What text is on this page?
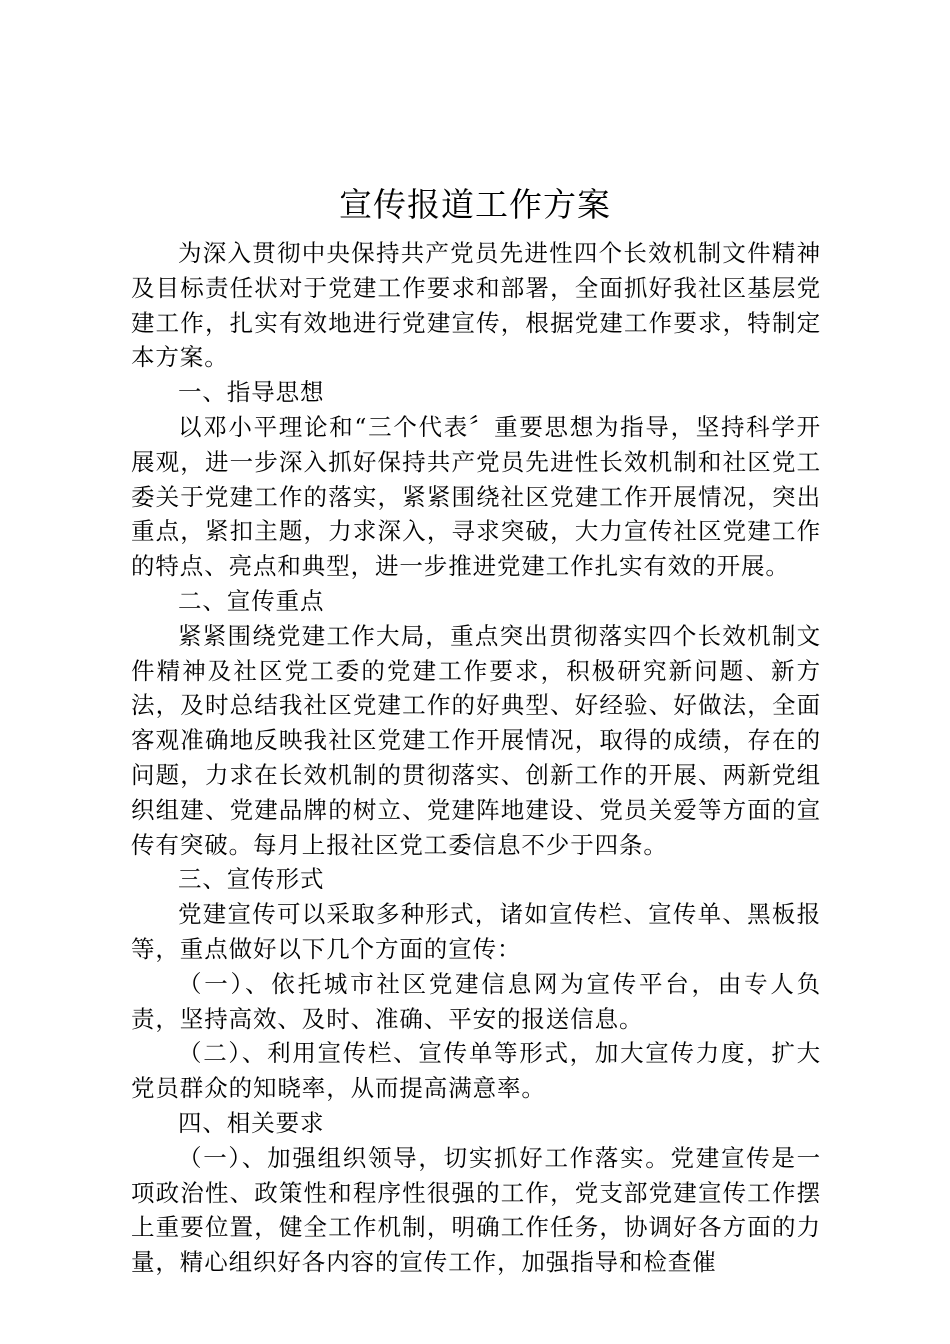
宣传报道工作方案

为深入贯彻中央保持共产党员先进性四个长效机制文件精神及目标责任状对于党建工作要求和部署，全面抓好我社区基层党建工作，扎实有效地进行党建宣传，根据党建工作要求，特制定本方案。

一、指导思想

以邓小平理论和“三个代表〞重要思想为指导，坚持科学开展观，进一步深入抓好保持共产党员先进性长效机制和社区党工委关于党建工作的落实，紧紧围绕社区党建工作开展情况，突出重点，紧扣主题，力求深入，寻求突破，大力宣传社区党建工作的特点、亮点和典型，进一步推进党建工作扎实有效的开展。

二、宣传重点

紧紧围绕党建工作大局，重点突出贯彻落实四个长效机制文件精神及社区党工委的党建工作要求，积极研究新问题、新方法，及时总结我社区党建工作的好典型、好经验、好做法，全面客观准确地反映我社区党建工作开展情况，取得的成绩，存在的问题，力求在长效机制的贯彻落实、创新工作的开展、两新党组织组建、党建品牌的树立、党建阵地建设、党员关爱等方面的宣传有突破。每月上报社区党工委信息不少于四条。

三、宣传形式

党建宣传可以采取多种形式，诸如宣传栏、宣传单、黑板报等，重点做好以下几个方面的宣传：

（一）、依托城市社区党建信息网为宣传平台，由专人负责，坚持高效、及时、准确、平安的报送信息。

（二）、利用宣传栏、宣传单等形式，加大宣传力度，扩大党员群众的知晓率，从而提高满意率。

四、相关要求

（一）、加强组织领导，切实抓好工作落实。党建宣传是一项政治性、政策性和程序性很强的工作，党支部党建宣传工作摆上重要位置，健全工作机制，明确工作任务，协调好各方面的力量，精心组织好各内容的宣传工作，加强指导和检查催
